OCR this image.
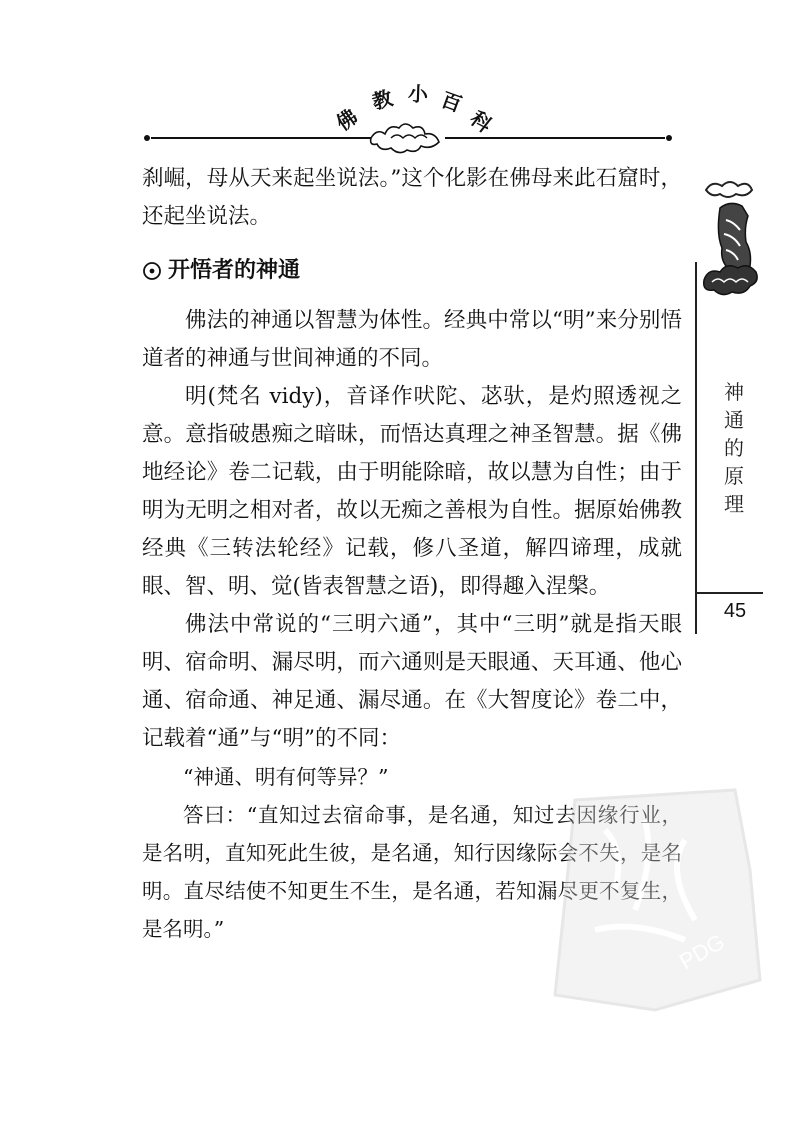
佛
教 小 百
科
神
通
的
原
理
45

刹崛，母从天来起坐说法。”这个化影在佛母来此石窟时，还起坐说法。

开悟者的神通

佛法的神通以智慧为体性。经典中常以“明”来分别悟道者的神通与世间神通的不同。

明(梵名 vidy)，音译作吠陀、苾驮，是灼照透视之意。意指破愚痴之暗昧，而悟达真理之神圣智慧。据《佛地经论》卷二记载，由于明能除暗，故以慧为自性；由于明为无明之相对者，故以无痴之善根为自性。据原始佛教经典《三转法轮经》记载，修八圣道，解四谛理，成就眼、智、明、觉(皆表智慧之语)，即得趣入涅槃。

佛法中常说的“三明六通”，其中“三明”就是指天眼明、宿命明、漏尽明，而六通则是天眼通、天耳通、他心通、宿命通、神足通、漏尽通。在《大智度论》卷二中，记载着“通”与“明”的不同：

“神通、明有何等异？”

答曰：“直知过去宿命事，是名通，知过去因缘行业，是名明，直知死此生彼，是名通，知行因缘际会不失，是名明。直尽结使不知更生不生，是名通，若知漏尽更不复生，是名明。”	PDG
